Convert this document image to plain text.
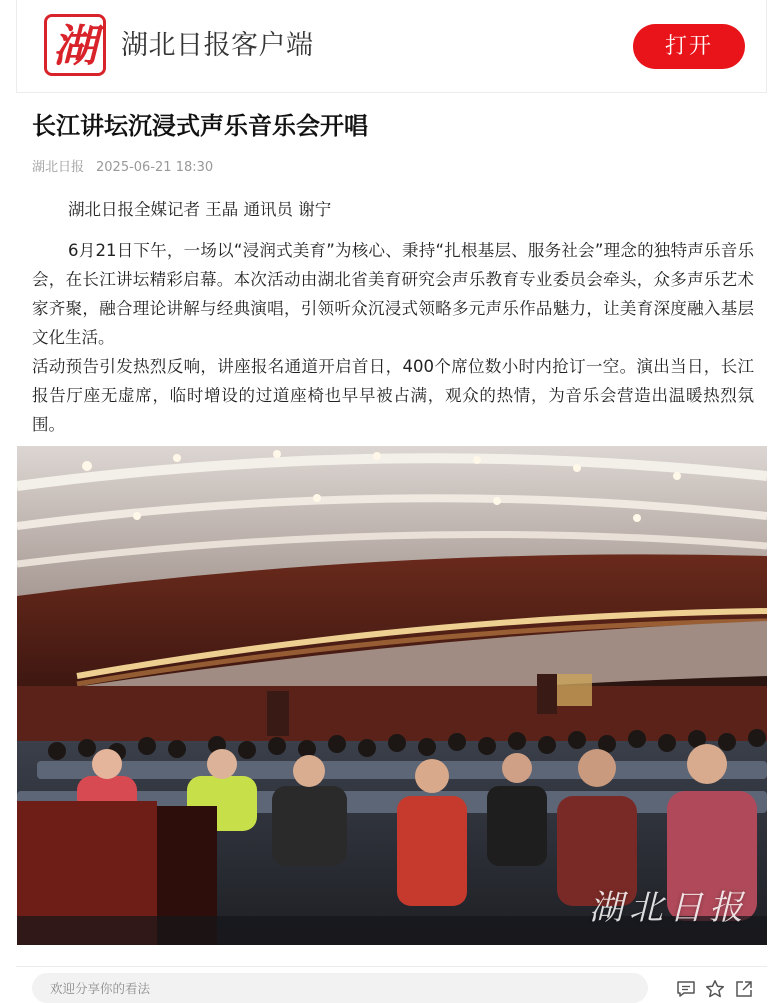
湖 湖北日报客户端	打开
长江讲坛沉浸式声乐音乐会开唱
湖北日报 2025-06-21 18:30
湖北日报全媒记者 王晶 通讯员 谢宁

6月21日下午，一场以“浸润式美育”为核心、秉持“扎根基层、服务社会”理念的独特声乐音乐会，在长江讲坛精彩启幕。本次活动由湖北省美育研究会声乐教育专业委员会牵头，众多声乐艺术家齐聚，融合理论讲解与经典演唱，引领听众沉浸式领略多元声乐作品魅力，让美育深度融入基层文化生活。

活动预告引发热烈反响，讲座报名通道开启首日，400个席位数小时内抢订一空。演出当日，长江报告厅座无虚席，临时增设的过道座椅也早早被占满，观众的热情，为音乐会营造出温暖热烈氛围。

湖北日报
欢迎分享你的看法
